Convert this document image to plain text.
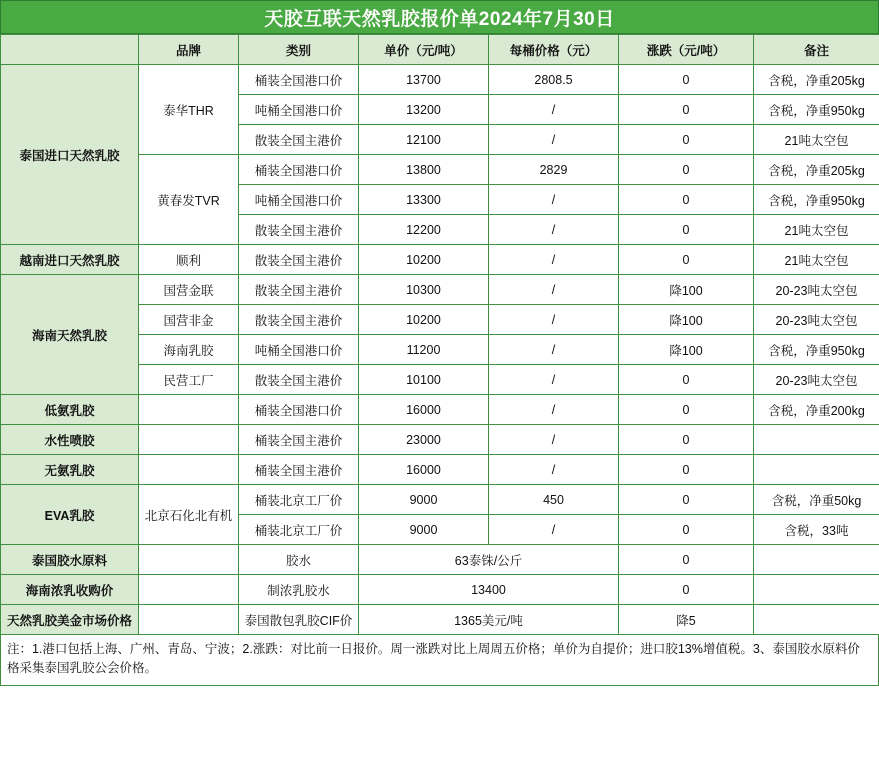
天胶互联天然乳胶报价单2024年7月30日
	品牌	类别	单价（元/吨）	每桶价格（元）	涨跌（元/吨）	备注
泰国进口天然乳胶	泰华THR	桶装全国港口价	13700	2808.5	0	含税，净重205kg
		吨桶全国港口价	13200	/	0	含税，净重950kg
		散装全国主港价	12100	/	0	21吨太空包
	黄春发TVR	桶装全国港口价	13800	2829	0	含税，净重205kg
		吨桶全国港口价	13300	/	0	含税，净重950kg
		散装全国主港价	12200	/	0	21吨太空包
越南进口天然乳胶	顺利	散装全国主港价	10200	/	0	21吨太空包
海南天然乳胶	国营金联	散装全国主港价	10300	/	降100	20-23吨太空包
	国营非金	散装全国主港价	10200	/	降100	20-23吨太空包
	海南乳胶	吨桶全国港口价	11200	/	降100	含税，净重950kg
	民营工厂	散装全国主港价	10100	/	0	20-23吨太空包
低氨乳胶		桶装全国港口价	16000	/	0	含税，净重200kg
水性喷胶		桶装全国主港价	23000	/	0	
无氨乳胶		桶装全国主港价	16000	/	0	
EVA乳胶	北京石化北有机	桶装北京工厂价	9000	450	0	含税，净重50kg
		桶装北京工厂价	9000	/	0	含税，33吨
泰国胶水原料		胶水	63泰铢/公斤		0	
海南浓乳收购价		制浓乳胶水	13400		0	
天然乳胶美金市场价格		泰国散包乳胶CIF价	1365美元/吨		降5	
注：1.港口包括上海、广州、青岛、宁波；2.涨跌：对比前一日报价。周一涨跌对比上周周五价格；单价为自提价；进口胶13%增值税。3、泰国胶水原料价格采集泰国乳胶公会价格。
